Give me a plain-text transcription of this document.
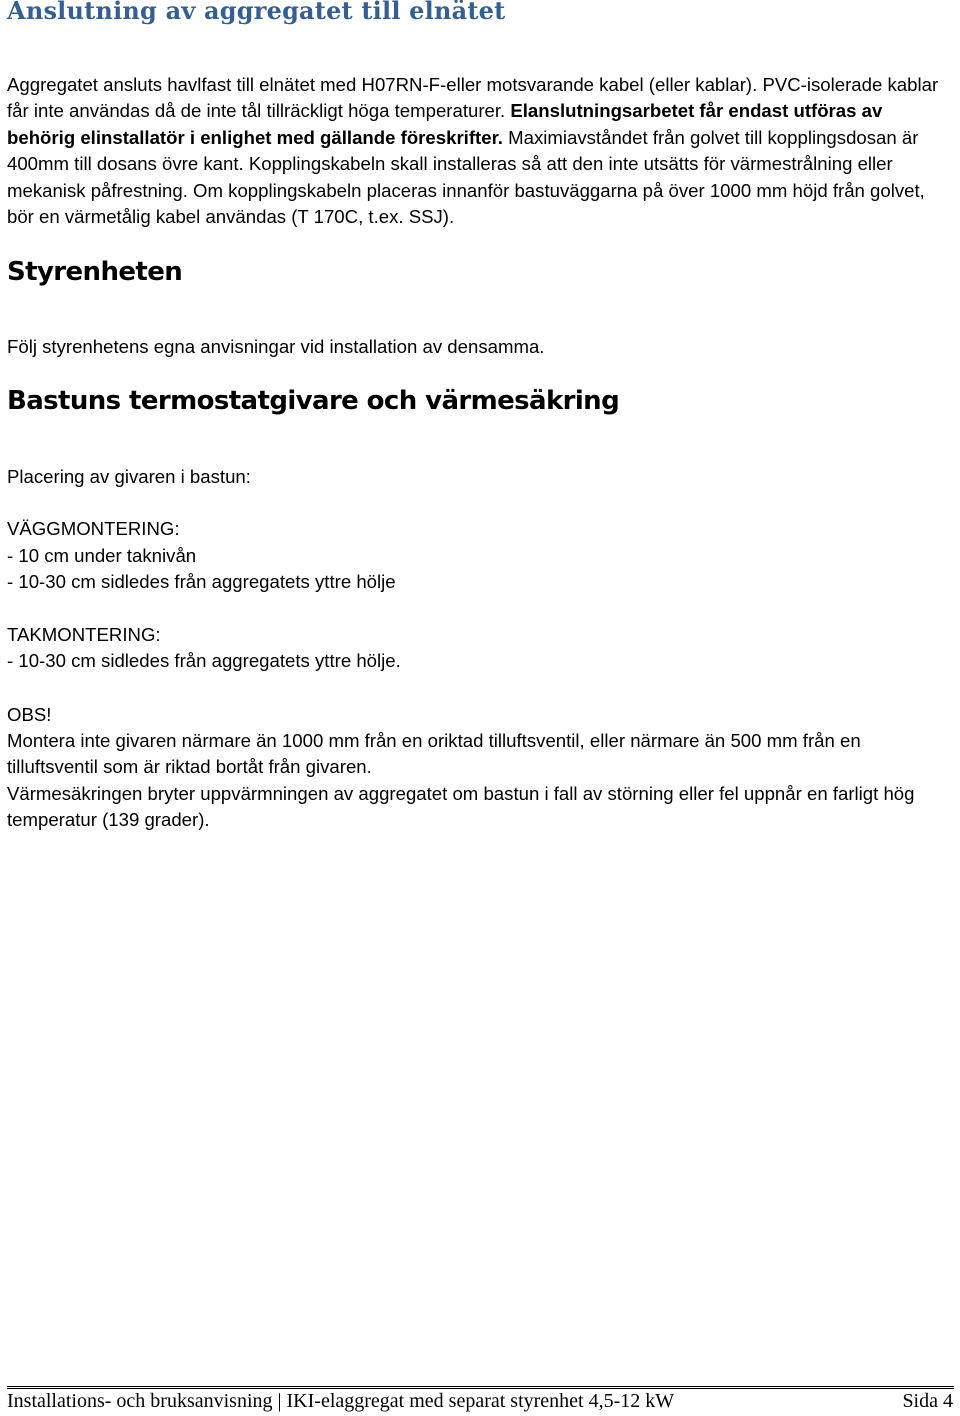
Anslutning av aggregatet till elnätet

Aggregatet ansluts havlfast till elnätet med H07RN-F-eller motsvarande kabel (eller kablar). PVC-isolerade kablar får inte användas då de inte tål tillräckligt höga temperaturer. Elanslutningsarbetet får endast utföras av behörig elinstallatör i enlighet med gällande föreskrifter. Maximiavståndet från golvet till kopplingsdosan är 400mm till dosans övre kant. Kopplingskabeln skall installeras så att den inte utsätts för värmestrålning eller mekanisk påfrestning. Om kopplingskabeln placeras innanför bastuväggarna på över 1000 mm höjd från golvet, bör en värmetålig kabel användas (T 170C, t.ex. SSJ).

Styrenheten

Följ styrenhetens egna anvisningar vid installation av densamma.

Bastuns termostatgivare och värmesäkring

Placering av givaren i bastun:

VÄGGMONTERING:

- 10 cm under taknivån

- 10-30 cm sidledes från aggregatets yttre hölje

TAKMONTERING:

- 10-30 cm sidledes från aggregatets yttre hölje.

OBS!

Montera inte givaren närmare än 1000 mm från en oriktad tilluftsventil, eller närmare än 500 mm från en tilluftsventil som är riktad bortåt från givaren.

Värmesäkringen bryter uppvärmningen av aggregatet om bastun i fall av störning eller fel uppnår en farligt hög temperatur (139 grader).

Installations- och bruksanvisning | IKI-elaggregat med separat styrenhet 4,5-12 kW	Sida 4
